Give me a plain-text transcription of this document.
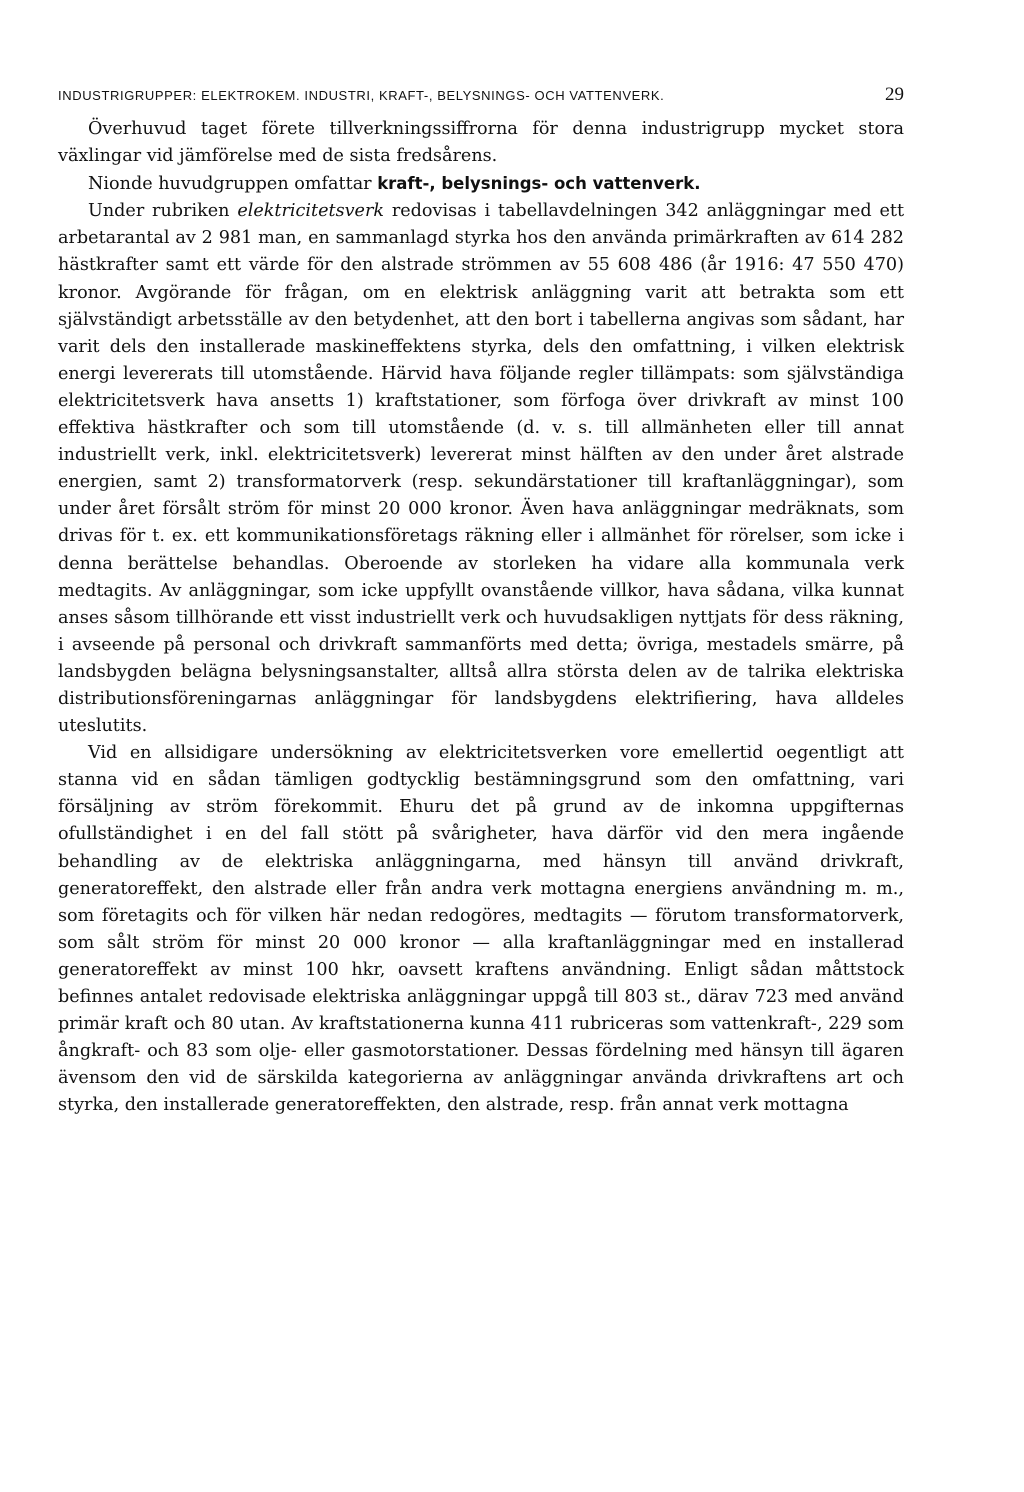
INDUSTRIGRUPPER: ELEKTROKEM. INDUSTRI, KRAFT-, BELYSNINGS- OCH VATTENVERK.	29

Överhuvud taget förete tillverkningssiffrorna för denna industrigrupp mycket stora växlingar vid jämförelse med de sista fredsårens.

Nionde huvudgruppen omfattar kraft-, belysnings- och vattenverk.

Under rubriken elektricitetsverk redovisas i tabellavdelningen 342 anläggningar med ett arbetarantal av 2 981 man, en sammanlagd styrka hos den använda primärkraften av 614 282 hästkrafter samt ett värde för den alstrade strömmen av 55 608 486 (år 1916: 47 550 470) kronor. Avgörande för frågan, om en elektrisk anläggning varit att betrakta som ett självständigt arbetsställe av den betydenhet, att den bort i tabellerna angivas som sådant, har varit dels den installerade maskineffektens styrka, dels den omfattning, i vilken elektrisk energi levererats till utomstående. Härvid hava följande regler tillämpats: som självständiga elektricitetsverk hava ansetts 1) kraftstationer, som förfoga över drivkraft av minst 100 effektiva hästkrafter och som till utomstående (d. v. s. till allmänheten eller till annat industriellt verk, inkl. elektricitetsverk) levererat minst hälften av den under året alstrade energien, samt 2) transformatorverk (resp. sekundärstationer till kraftanläggningar), som under året försålt ström för minst 20 000 kronor. Även hava anläggningar medräknats, som drivas för t. ex. ett kommunikationsföretags räkning eller i allmänhet för rörelser, som icke i denna berättelse behandlas. Oberoende av storleken ha vidare alla kommunala verk medtagits. Av anläggningar, som icke uppfyllt ovanstående villkor, hava sådana, vilka kunnat anses såsom tillhörande ett visst industriellt verk och huvudsakligen nyttjats för dess räkning, i avseende på personal och drivkraft sammanförts med detta; övriga, mestadels smärre, på landsbygden belägna belysningsanstalter, alltså allra största delen av de talrika elektriska distributionsföreningarnas anläggningar för landsbygdens elektrifiering, hava alldeles uteslutits.

Vid en allsidigare undersökning av elektricitetsverken vore emellertid oegentligt att stanna vid en sådan tämligen godtycklig bestämningsgrund som den omfattning, vari försäljning av ström förekommit. Ehuru det på grund av de inkomna uppgifternas ofullständighet i en del fall stött på svårigheter, hava därför vid den mera ingående behandling av de elektriska anläggningarna, med hänsyn till använd drivkraft, generatoreffekt, den alstrade eller från andra verk mottagna energiens användning m. m., som företagits och för vilken här nedan redogöres, medtagits — förutom transformatorverk, som sålt ström för minst 20 000 kronor — alla kraftanläggningar med en installerad generatoreffekt av minst 100 hkr, oavsett kraftens användning. Enligt sådan måttstock befinnes antalet redovisade elektriska anläggningar uppgå till 803 st., därav 723 med använd primär kraft och 80 utan. Av kraftstationerna kunna 411 rubriceras som vattenkraft-, 229 som ångkraft- och 83 som olje- eller gasmotorstationer. Dessas fördelning med hänsyn till ägaren ävensom den vid de särskilda kategorierna av anläggningar använda drivkraftens art och styrka, den installerade generatoreffekten, den alstrade, resp. från annat verk mottagna
